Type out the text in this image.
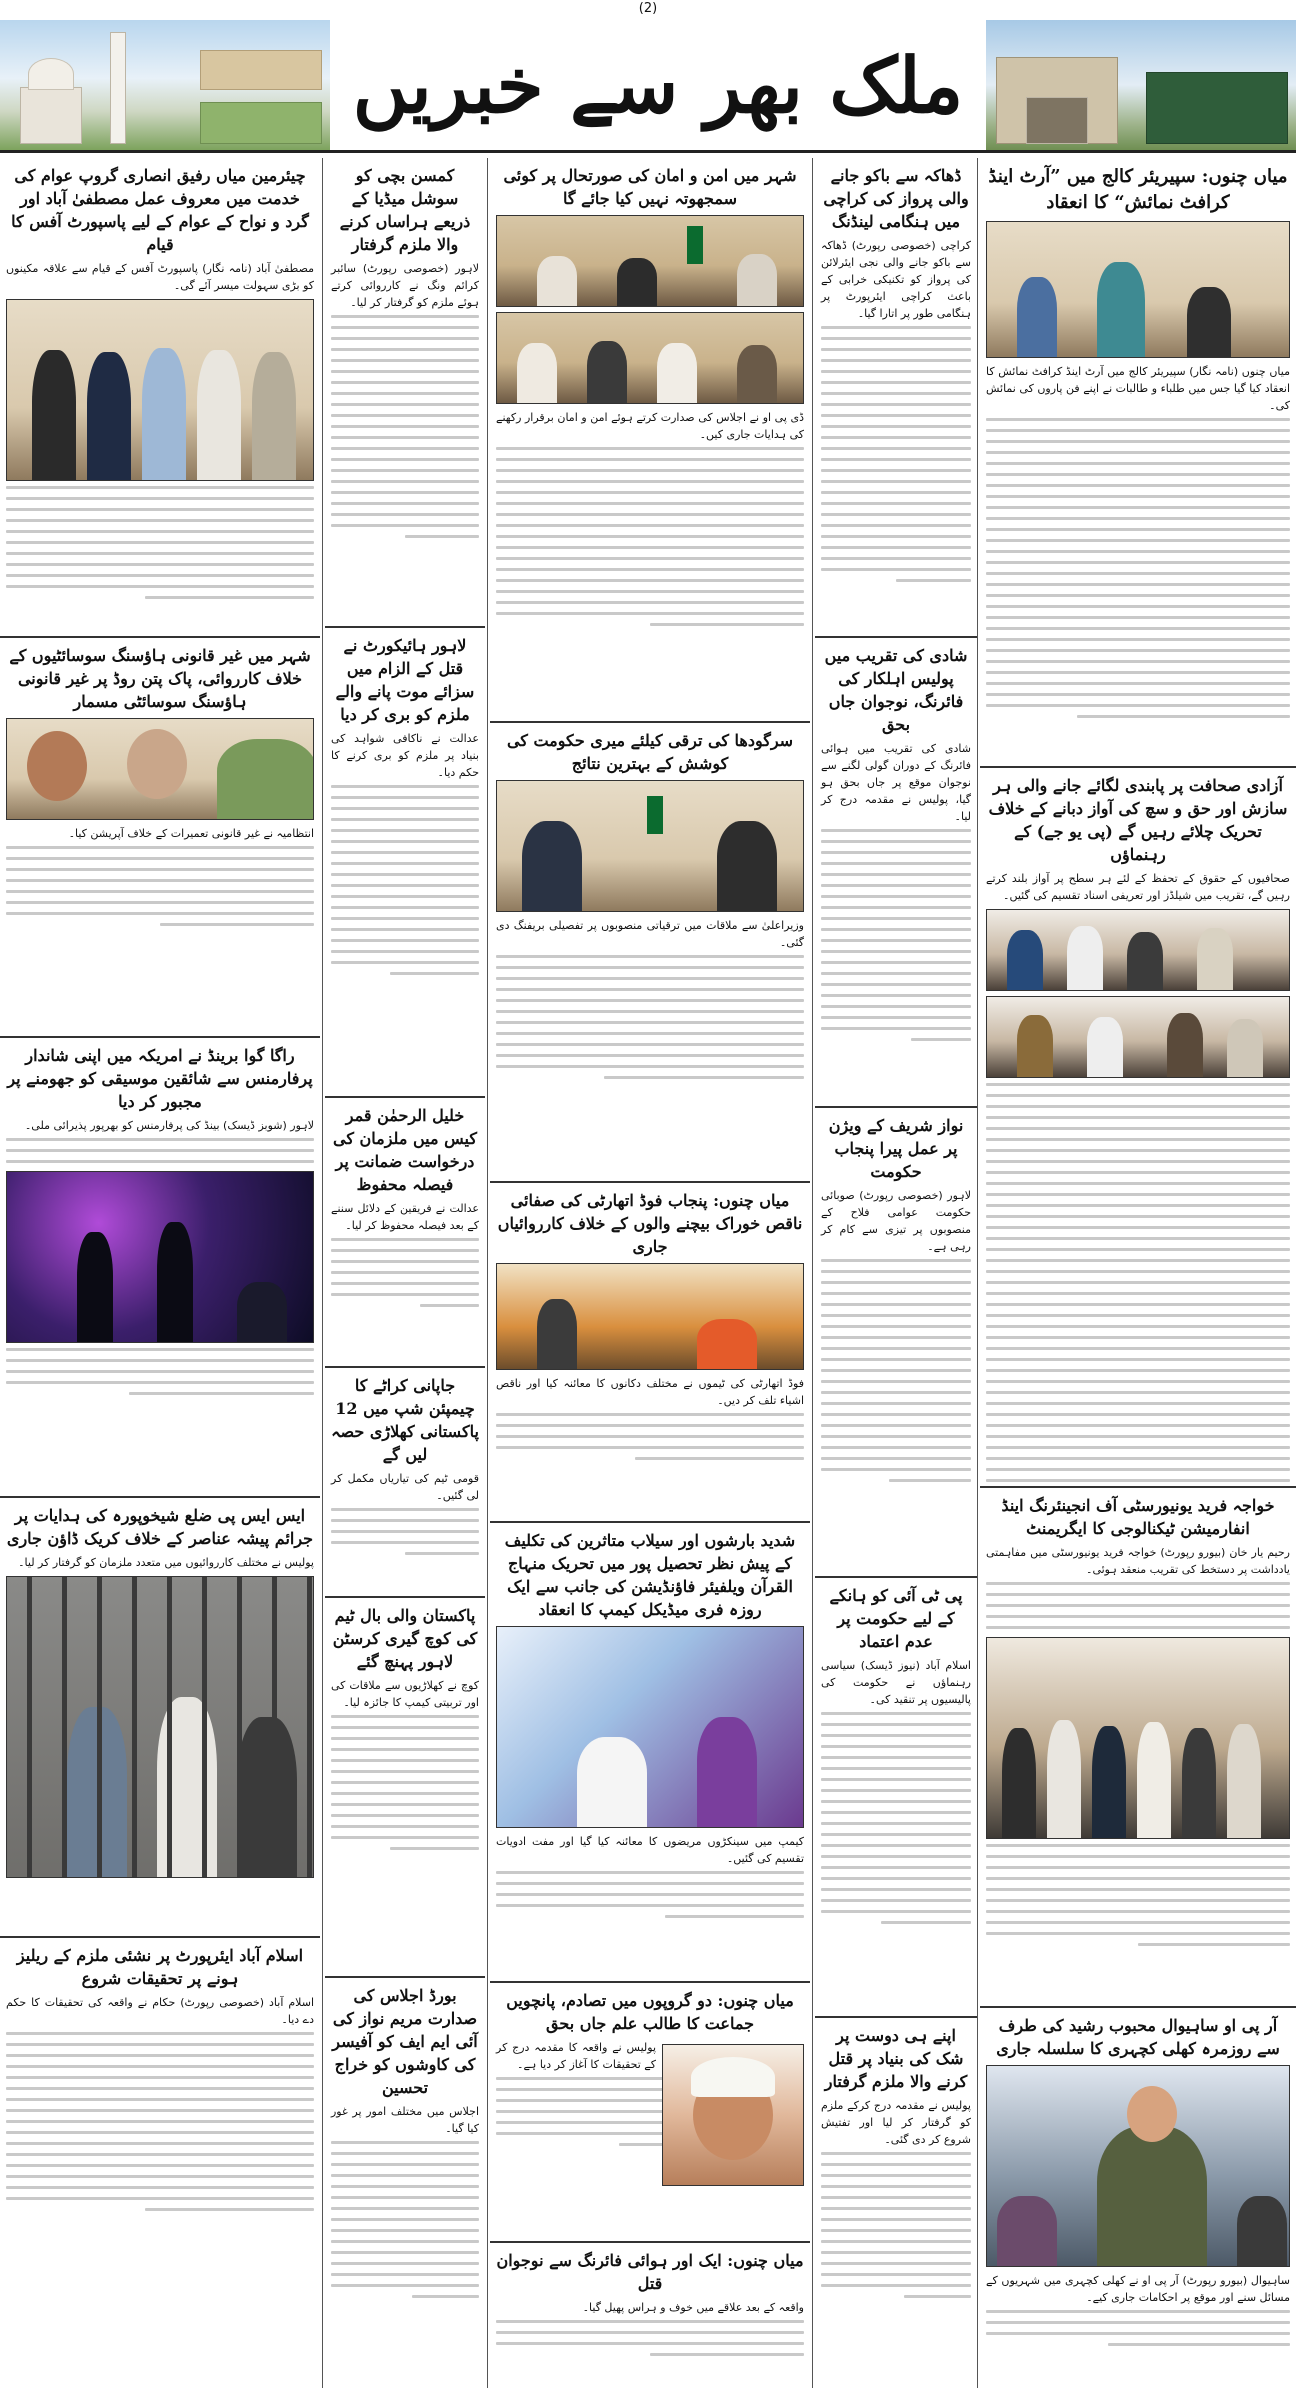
(2)
ملک بھر سے خبریں
میاں چنوں: سپیریئر کالج میں ”آرٹ اینڈ کرافٹ نمائش“ کا انعقاد

میاں چنوں (نامہ نگار) سپیریئر کالج میں آرٹ اینڈ کرافٹ نمائش کا انعقاد کیا گیا جس میں طلباء و طالبات نے اپنے فن پاروں کی نمائش کی۔

آزادی صحافت پر پابندی لگائے جانے والی ہر سازش اور حق و سچ کی آواز دبانے کے خلاف تحریک چلائے رہیں گے (پی یو جے) کے رہنماؤں

صحافیوں کے حقوق کے تحفظ کے لئے ہر سطح پر آواز بلند کرتے رہیں گے، تقریب میں شیلڈز اور تعریفی اسناد تقسیم کی گئیں۔

خواجہ فرید یونیورسٹی آف انجینئرنگ اینڈ انفارمیشن ٹیکنالوجی کا ایگریمنٹ

رحیم یار خان (بیورو رپورٹ) خواجہ فرید یونیورسٹی میں مفاہمتی یادداشت پر دستخط کی تقریب منعقد ہوئی۔

آر پی او ساہیوال محبوب رشید کی طرف سے روزمرہ کھلی کچہری کا سلسلہ جاری

ساہیوال (بیورو رپورٹ) آر پی او نے کھلی کچہری میں شہریوں کے مسائل سنے اور موقع پر احکامات جاری کیے۔

ڈھاکہ سے باکو جانے والی پرواز کی کراچی میں ہنگامی لینڈنگ

کراچی (خصوصی رپورٹ) ڈھاکہ سے باکو جانے والی نجی ایئرلائن کی پرواز کو تکنیکی خرابی کے باعث کراچی ایئرپورٹ پر ہنگامی طور پر اتارا گیا۔

شادی کی تقریب میں پولیس اہلکار کی فائرنگ، نوجوان جاں بحق

شادی کی تقریب میں ہوائی فائرنگ کے دوران گولی لگنے سے نوجوان موقع پر جاں بحق ہو گیا، پولیس نے مقدمہ درج کر لیا۔

نواز شریف کے ویژن پر عمل پیرا پنجاب حکومت

لاہور (خصوصی رپورٹ) صوبائی حکومت عوامی فلاح کے منصوبوں پر تیزی سے کام کر رہی ہے۔

پی ٹی آئی کو ہانکے کے لیے حکومت پر عدم اعتماد

اسلام آباد (نیوز ڈیسک) سیاسی رہنماؤں نے حکومت کی پالیسیوں پر تنقید کی۔

اپنے ہی دوست پر شک کی بنیاد پر قتل کرنے والا ملزم گرفتار

پولیس نے مقدمہ درج کرکے ملزم کو گرفتار کر لیا اور تفتیش شروع کر دی گئی۔

شہر میں امن و امان کی صورتحال پر کوئی سمجھوتہ نہیں کیا جائے گا

ڈی پی او نے اجلاس کی صدارت کرتے ہوئے امن و امان برقرار رکھنے کی ہدایات جاری کیں۔

سرگودھا کی ترقی کیلئے میری حکومت کی کوشش کے بہترین نتائج

وزیراعلیٰ سے ملاقات میں ترقیاتی منصوبوں پر تفصیلی بریفنگ دی گئی۔

میاں چنوں: پنجاب فوڈ اتھارٹی کی صفائی ناقص خوراک بیچنے والوں کے خلاف کارروائیاں جاری

فوڈ اتھارٹی کی ٹیموں نے مختلف دکانوں کا معائنہ کیا اور ناقص اشیاء تلف کر دیں۔

شدید بارشوں اور سیلاب متاثرین کی تکلیف کے پیش نظر تحصیل پور میں تحریک منہاج القرآن ویلفیئر فاؤنڈیشن کی جانب سے ایک روزہ فری میڈیکل کیمپ کا انعقاد

کیمپ میں سینکڑوں مریضوں کا معائنہ کیا گیا اور مفت ادویات تقسیم کی گئیں۔

میاں چنوں: دو گروپوں میں تصادم، پانچویں جماعت کا طالب علم جاں بحق

پولیس نے واقعہ کا مقدمہ درج کر کے تحقیقات کا آغاز کر دیا ہے۔

میاں چنوں: ایک اور ہوائی فائرنگ سے نوجوان قتل

واقعہ کے بعد علاقے میں خوف و ہراس پھیل گیا۔

کمسن بچی کو سوشل میڈیا کے ذریعے ہراساں کرنے والا ملزم گرفتار

لاہور (خصوصی رپورٹ) سائبر کرائم ونگ نے کارروائی کرتے ہوئے ملزم کو گرفتار کر لیا۔

لاہور ہائیکورٹ نے قتل کے الزام میں سزائے موت پانے والے ملزم کو بری کر دیا

عدالت نے ناکافی شواہد کی بنیاد پر ملزم کو بری کرنے کا حکم دیا۔

خلیل الرحمٰن قمر کیس میں ملزمان کی درخواست ضمانت پر فیصلہ محفوظ

عدالت نے فریقین کے دلائل سننے کے بعد فیصلہ محفوظ کر لیا۔

جاپانی کراٹے کا چیمپئن شپ میں 12 پاکستانی کھلاڑی حصہ لیں گے

قومی ٹیم کی تیاریاں مکمل کر لی گئیں۔

پاکستان والی بال ٹیم کی کوچ گیری کرسٹن لاہور پہنچ گئے

کوچ نے کھلاڑیوں سے ملاقات کی اور تربیتی کیمپ کا جائزہ لیا۔

بورڈ اجلاس کی صدارت مریم نواز کی آئی ایم ایف کو آفیسر کی کاوشوں کو خراج تحسین

اجلاس میں مختلف امور پر غور کیا گیا۔

چیئرمین میاں رفیق انصاری گروپ عوام کی خدمت میں معروف عمل مصطفیٰ آباد اور گرد و نواح کے عوام کے لیے پاسپورٹ آفس کا قیام

مصطفیٰ آباد (نامہ نگار) پاسپورٹ آفس کے قیام سے علاقہ مکینوں کو بڑی سہولت میسر آئے گی۔

شہر میں غیر قانونی ہاؤسنگ سوسائٹیوں کے خلاف کارروائی، پاک پتن روڈ پر غیر قانونی ہاؤسنگ سوسائٹی مسمار

انتظامیہ نے غیر قانونی تعمیرات کے خلاف آپریشن کیا۔

راگا گوا برینڈ نے امریکہ میں اپنی شاندار پرفارمنس سے شائقین موسیقی کو جھومنے پر مجبور کر دیا

لاہور (شوبز ڈیسک) بینڈ کی پرفارمنس کو بھرپور پذیرائی ملی۔

ایس ایس پی ضلع شیخوپورہ کی ہدایات پر جرائم پیشہ عناصر کے خلاف کریک ڈاؤن جاری

پولیس نے مختلف کارروائیوں میں متعدد ملزمان کو گرفتار کر لیا۔

اسلام آباد ایئرپورٹ پر نشئی ملزم کے ریلیز ہونے پر تحقیقات شروع

اسلام آباد (خصوصی رپورٹ) حکام نے واقعہ کی تحقیقات کا حکم دے دیا۔
